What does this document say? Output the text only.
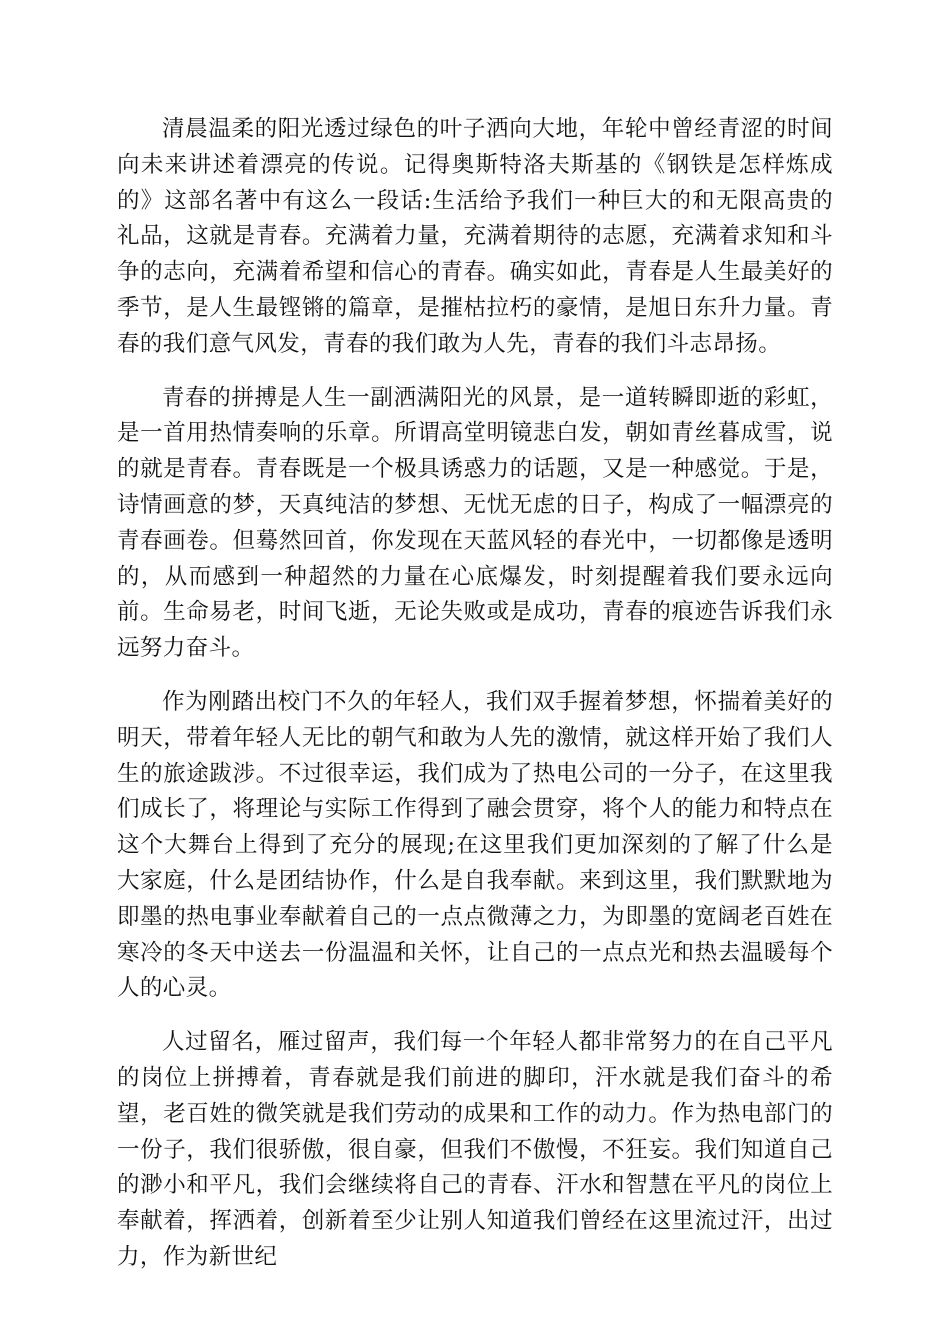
清晨温柔的阳光透过绿色的叶子洒向大地，年轮中曾经青涩的时间向未来讲述着漂亮的传说。记得奥斯特洛夫斯基的《钢铁是怎样炼成的》这部名著中有这么一段话:生活给予我们一种巨大的和无限高贵的礼品，这就是青春。充满着力量，充满着期待的志愿，充满着求知和斗争的志向，充满着希望和信心的青春。确实如此，青春是人生最美好的季节，是人生最铿锵的篇章，是摧枯拉朽的豪情，是旭日东升力量。青春的我们意气风发，青春的我们敢为人先，青春的我们斗志昂扬。

青春的拼搏是人生一副洒满阳光的风景，是一道转瞬即逝的彩虹，是一首用热情奏响的乐章。所谓高堂明镜悲白发，朝如青丝暮成雪，说的就是青春。青春既是一个极具诱惑力的话题，又是一种感觉。于是，诗情画意的梦，天真纯洁的梦想、无忧无虑的日子，构成了一幅漂亮的青春画卷。但蓦然回首，你发现在天蓝风轻的春光中，一切都像是透明的，从而感到一种超然的力量在心底爆发，时刻提醒着我们要永远向前。生命易老，时间飞逝，无论失败或是成功，青春的痕迹告诉我们永远努力奋斗。

作为刚踏出校门不久的年轻人，我们双手握着梦想，怀揣着美好的明天，带着年轻人无比的朝气和敢为人先的激情，就这样开始了我们人生的旅途跋涉。不过很幸运，我们成为了热电公司的一分子，在这里我们成长了，将理论与实际工作得到了融会贯穿，将个人的能力和特点在这个大舞台上得到了充分的展现;在这里我们更加深刻的了解了什么是大家庭，什么是团结协作，什么是自我奉献。来到这里，我们默默地为即墨的热电事业奉献着自己的一点点微薄之力，为即墨的宽阔老百姓在寒冷的冬天中送去一份温温和关怀，让自己的一点点光和热去温暖每个人的心灵。

人过留名，雁过留声，我们每一个年轻人都非常努力的在自己平凡的岗位上拼搏着，青春就是我们前进的脚印，汗水就是我们奋斗的希望，老百姓的微笑就是我们劳动的成果和工作的动力。作为热电部门的一份子，我们很骄傲，很自豪，但我们不傲慢，不狂妄。我们知道自己的渺小和平凡，我们会继续将自己的青春、汗水和智慧在平凡的岗位上奉献着，挥洒着，创新着至少让别人知道我们曾经在这里流过汗，出过力，作为新世纪
